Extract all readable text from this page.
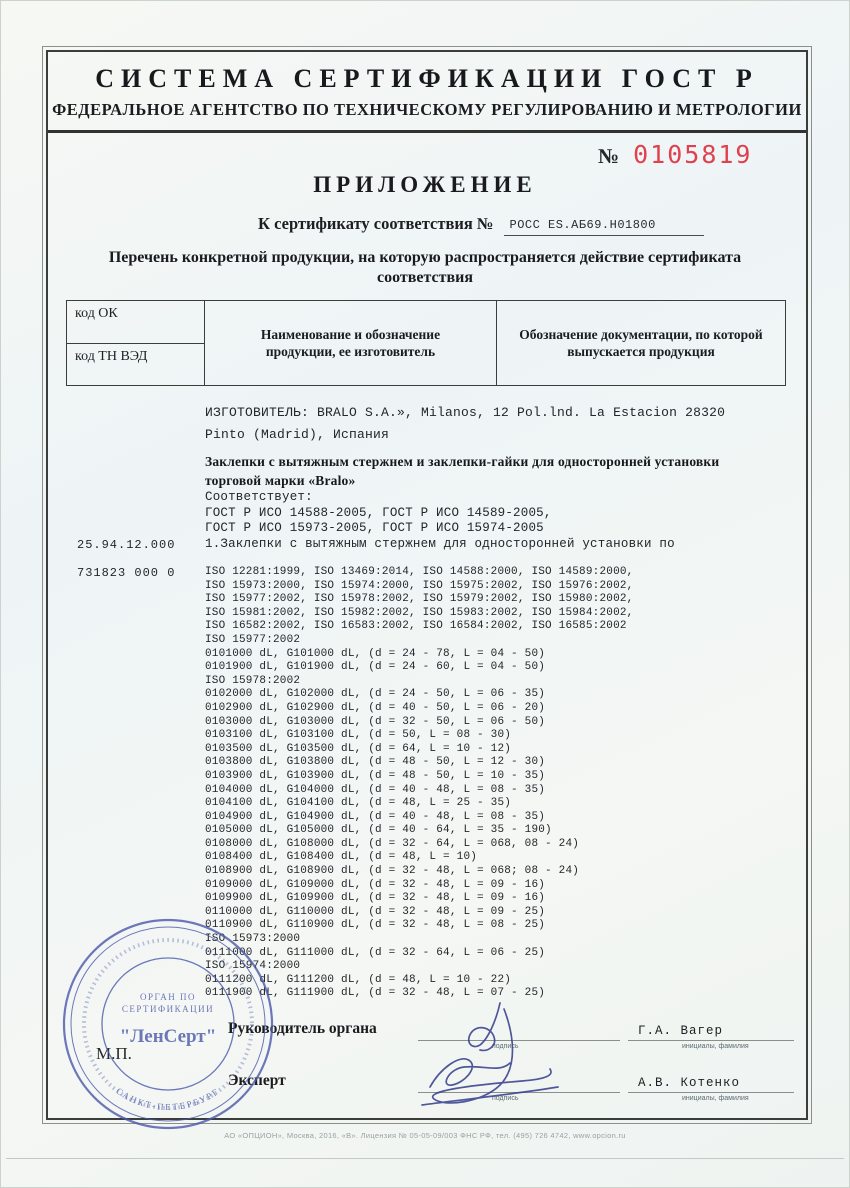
СИСТЕМА СЕРТИФИКАЦИИ ГОСТ Р
ФЕДЕРАЛЬНОЕ АГЕНТСТВО ПО ТЕХНИЧЕСКОМУ РЕГУЛИРОВАНИЮ И МЕТРОЛОГИИ
№ 0105819
ПРИЛОЖЕНИЕ
К сертификату соответствия №	РОСС ES.АБ69.Н01800
Перечень конкретной продукции, на которую распространяется действие сертификата соответствия
код ОК
код ТН ВЭД
Наименование и обозначение продукции, ее изготовитель
Обозначение документации, по которой выпускается продукция
ИЗГОТОВИТЕЛЬ: BRALO S.A.», Milanos, 12 Pol.lnd. La Estacion 28320
Pinto (Madrid), Испания
Заклепки с вытяжным стержнем и заклепки-гайки для односторонней установки
торговой марки «Bralo»
Соответствует:
ГОСТ Р ИСО 14588-2005, ГОСТ Р ИСО 14589-2005,
ГОСТ Р ИСО 15973-2005, ГОСТ Р ИСО 15974-2005
25.94.12.000 1.Заклепки с вытяжным стержнем для односторонней установки по
731823 000 0	ISO 12281:1999, ISO 13469:2014, ISO 14588:2000, ISO 14589:2000,
ISO 15973:2000, ISO 15974:2000, ISO 15975:2002, ISO 15976:2002,
ISO 15977:2002, ISO 15978:2002, ISO 15979:2002, ISO 15980:2002,
ISO 15981:2002, ISO 15982:2002, ISO 15983:2002, ISO 15984:2002,
ISO 16582:2002, ISO 16583:2002, ISO 16584:2002, ISO 16585:2002
ISO 15977:2002
0101000 dL, G101000 dL, (d = 24 - 78, L = 04 - 50)
0101900 dL, G101900 dL, (d = 24 - 60, L = 04 - 50)
ISO 15978:2002
0102000 dL, G102000 dL, (d = 24 - 50, L = 06 - 35)
0102900 dL, G102900 dL, (d = 40 - 50, L = 06 - 20)
0103000 dL, G103000 dL, (d = 32 - 50, L = 06 - 50)
0103100 dL, G103100 dL, (d = 50, L = 08 - 30)
0103500 dL, G103500 dL, (d = 64, L = 10 - 12)
0103800 dL, G103800 dL, (d = 48 - 50, L = 12 - 30)
0103900 dL, G103900 dL, (d = 48 - 50, L = 10 - 35)
0104000 dL, G104000 dL, (d = 40 - 48, L = 08 - 35)
0104100 dL, G104100 dL, (d = 48, L = 25 - 35)
0104900 dL, G104900 dL, (d = 40 - 48, L = 08 - 35)
0105000 dL, G105000 dL, (d = 40 - 64, L = 35 - 190)
0108000 dL, G108000 dL, (d = 32 - 64, L = 068, 08 - 24)
0108400 dL, G108400 dL, (d = 48, L = 10)
0108900 dL, G108900 dL, (d = 32 - 48, L = 068; 08 - 24)
0109000 dL, G109000 dL, (d = 32 - 48, L = 09 - 16)
0109900 dL, G109900 dL, (d = 32 - 48, L = 09 - 16)
0110000 dL, G110000 dL, (d = 32 - 48, L = 09 - 25)
0110900 dL, G110900 dL, (d = 32 - 48, L = 08 - 25)
ISO 15973:2000
0111000 dL, G111000 dL, (d = 32 - 64, L = 06 - 25)
ISO 15974:2000
0111200 dL, G111200 dL, (d = 48, L = 10 - 22)
0111900 dL, G111900 dL, (d = 32 - 48, L = 07 - 25)
М.П.
Руководитель органа
подпись
Г.А. Вагер
инициалы, фамилия
Эксперт
подпись
А.В. Котенко
инициалы, фамилия
САНКТ-ПЕТЕРБУРГ
ОРГАН ПО
СЕРТИФИКАЦИИ
"ЛенСерт"
АО «ОПЦИОН», Москва, 2016, «В». Лицензия № 05-05-09/003 ФНС РФ, тел. (495) 726 4742, www.opcion.ru
